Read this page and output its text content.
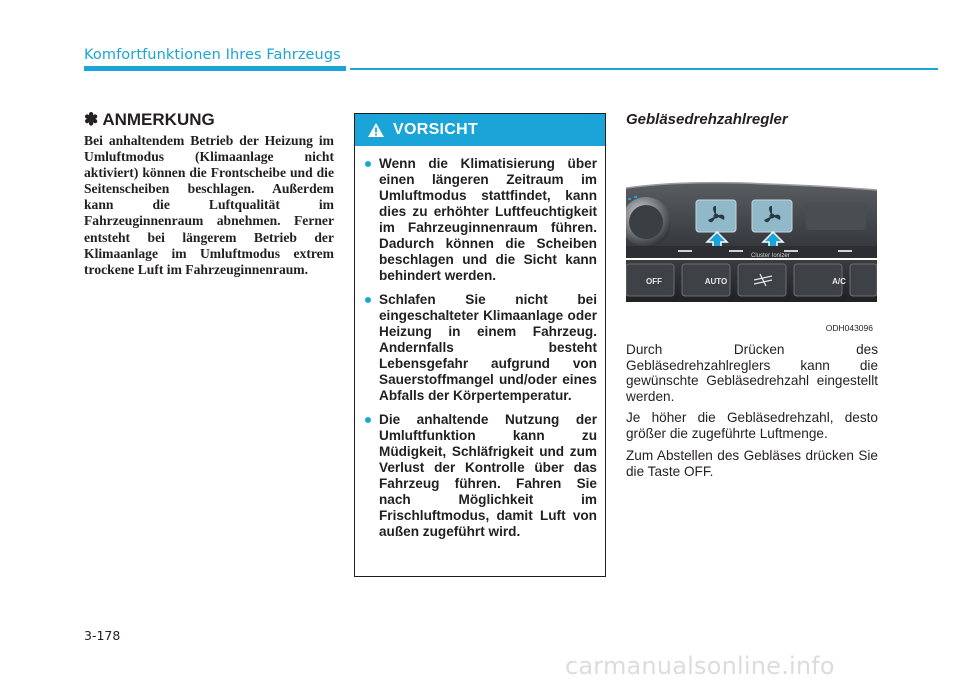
Komfortfunktionen Ihres Fahrzeugs
✽ ANMERKUNG
Bei anhaltendem Betrieb der Heizung im Umluftmodus (Klimaanlage nicht aktiviert) können die Frontscheibe und die Seitenscheiben beschlagen. Außerdem kann die Luftqualität im Fahrzeuginnenraum abnehmen. Ferner entsteht bei längerem Betrieb der Klimaanlage im Umluftmodus extrem trockene Luft im Fahrzeuginnenraum.
VORSICHT
Wenn die Klimatisierung über einen längeren Zeitraum im Umluftmodus stattfindet, kann dies zu erhöhter Luftfeuchtigkeit im Fahrzeuginnenraum führen. Dadurch können die Scheiben beschlagen und die Sicht kann behindert werden.
Schlafen Sie nicht bei eingeschalteter Klimaanlage oder Heizung in einem Fahrzeug. Andernfalls besteht Lebensgefahr aufgrund von Sauerstoffmangel und/oder eines Abfalls der Körpertemperatur.
Die anhaltende Nutzung der Umluftfunktion kann zu Müdigkeit, Schläfrigkeit und zum Verlust der Kontrolle über das Fahrzeug führen. Fahren Sie nach Möglichkeit im Frischluftmodus, damit Luft von außen zugeführt wird.
Gebläsedrehzahlregler
Cluster Ionizer
OFF	AUTO	A/C
ODH043096
Durch Drücken des Gebläsedrehzahlreglers kann die gewünschte Gebläsedrehzahl eingestellt werden.
Je höher die Gebläsedrehzahl, desto größer die zugeführte Luftmenge.
Zum Abstellen des Gebläses drücken Sie die Taste OFF.
3-178
carmanualsonline.info
